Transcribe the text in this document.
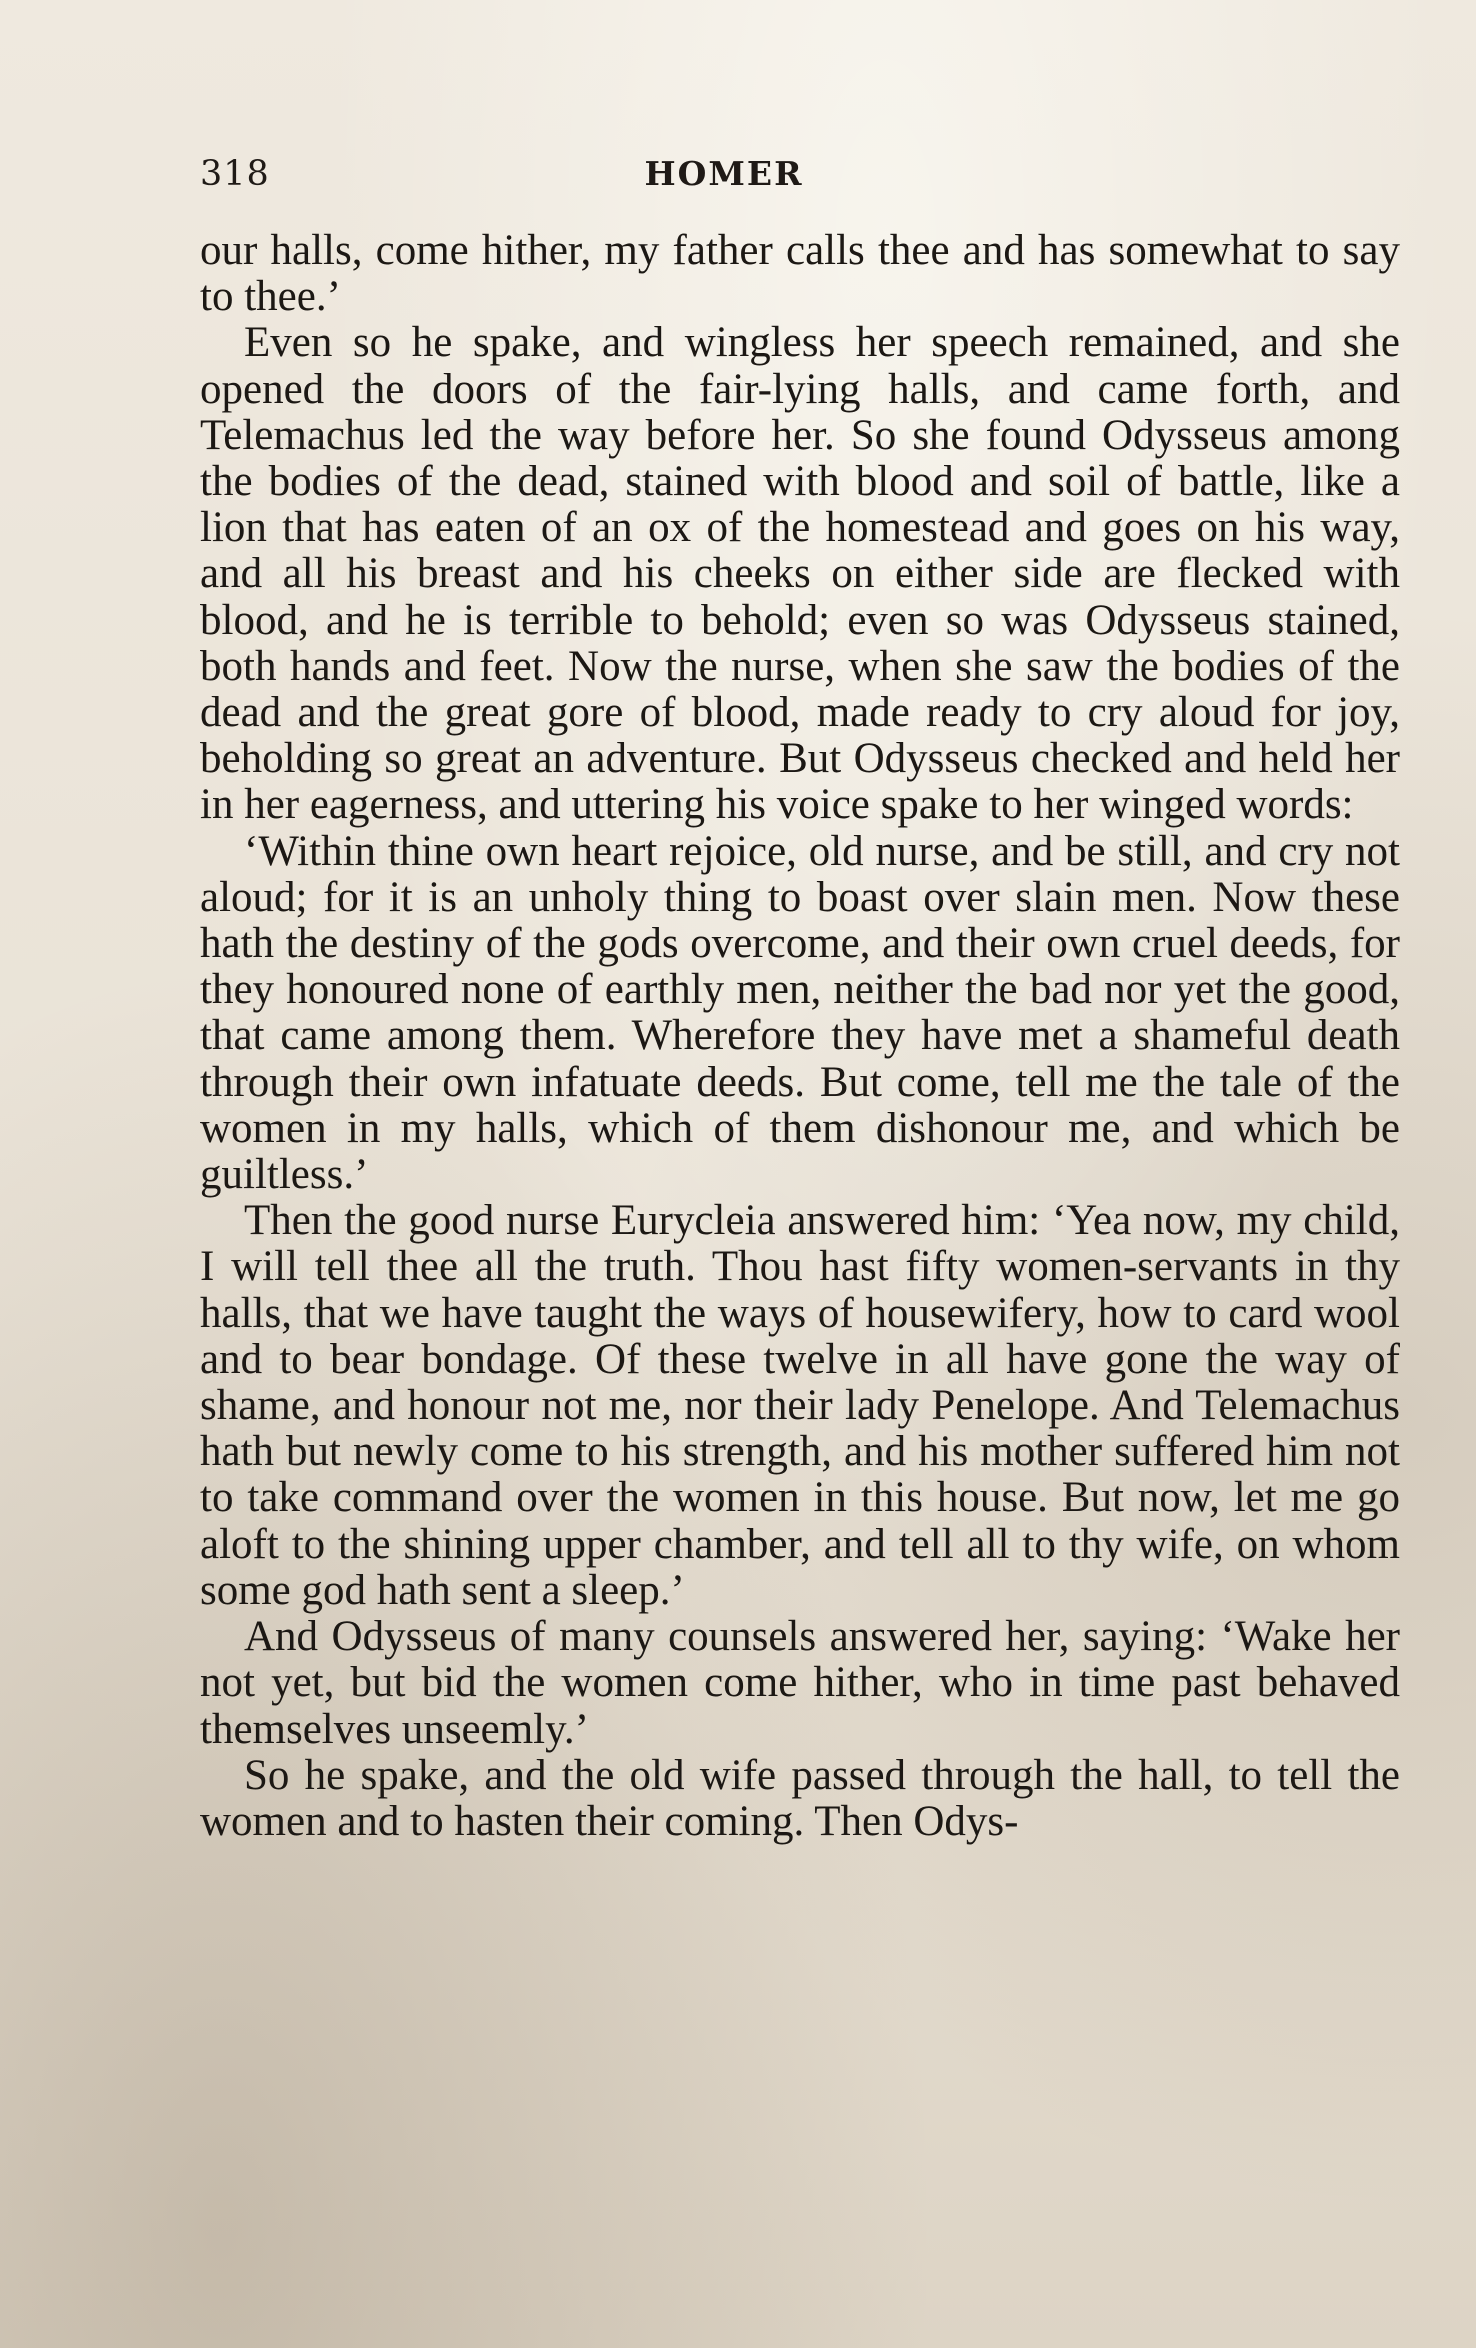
318	HOMER

our halls, come hither, my father calls thee and has somewhat to say to thee.’

Even so he spake, and wingless her speech remained, and she opened the doors of the fair-lying halls, and came forth, and Telemachus led the way before her. So she found Odysseus among the bodies of the dead, stained with blood and soil of battle, like a lion that has eaten of an ox of the homestead and goes on his way, and all his breast and his cheeks on either side are flecked with blood, and he is terrible to behold; even so was Odysseus stained, both hands and feet. Now the nurse, when she saw the bodies of the dead and the great gore of blood, made ready to cry aloud for joy, beholding so great an adventure. But Odysseus checked and held her in her eagerness, and uttering his voice spake to her winged words:

‘Within thine own heart rejoice, old nurse, and be still, and cry not aloud; for it is an unholy thing to boast over slain men. Now these hath the destiny of the gods overcome, and their own cruel deeds, for they honoured none of earthly men, neither the bad nor yet the good, that came among them. Wherefore they have met a shameful death through their own infatuate deeds. But come, tell me the tale of the women in my halls, which of them dishonour me, and which be guiltless.’

Then the good nurse Eurycleia answered him: ‘Yea now, my child, I will tell thee all the truth. Thou hast fifty women-servants in thy halls, that we have taught the ways of housewifery, how to card wool and to bear bondage. Of these twelve in all have gone the way of shame, and honour not me, nor their lady Penelope. And Telemachus hath but newly come to his strength, and his mother suffered him not to take command over the women in this house. But now, let me go aloft to the shining upper chamber, and tell all to thy wife, on whom some god hath sent a sleep.’

And Odysseus of many counsels answered her, saying: ‘Wake her not yet, but bid the women come hither, who in time past behaved themselves unseemly.’

So he spake, and the old wife passed through the hall, to tell the women and to hasten their coming. Then Odys-
